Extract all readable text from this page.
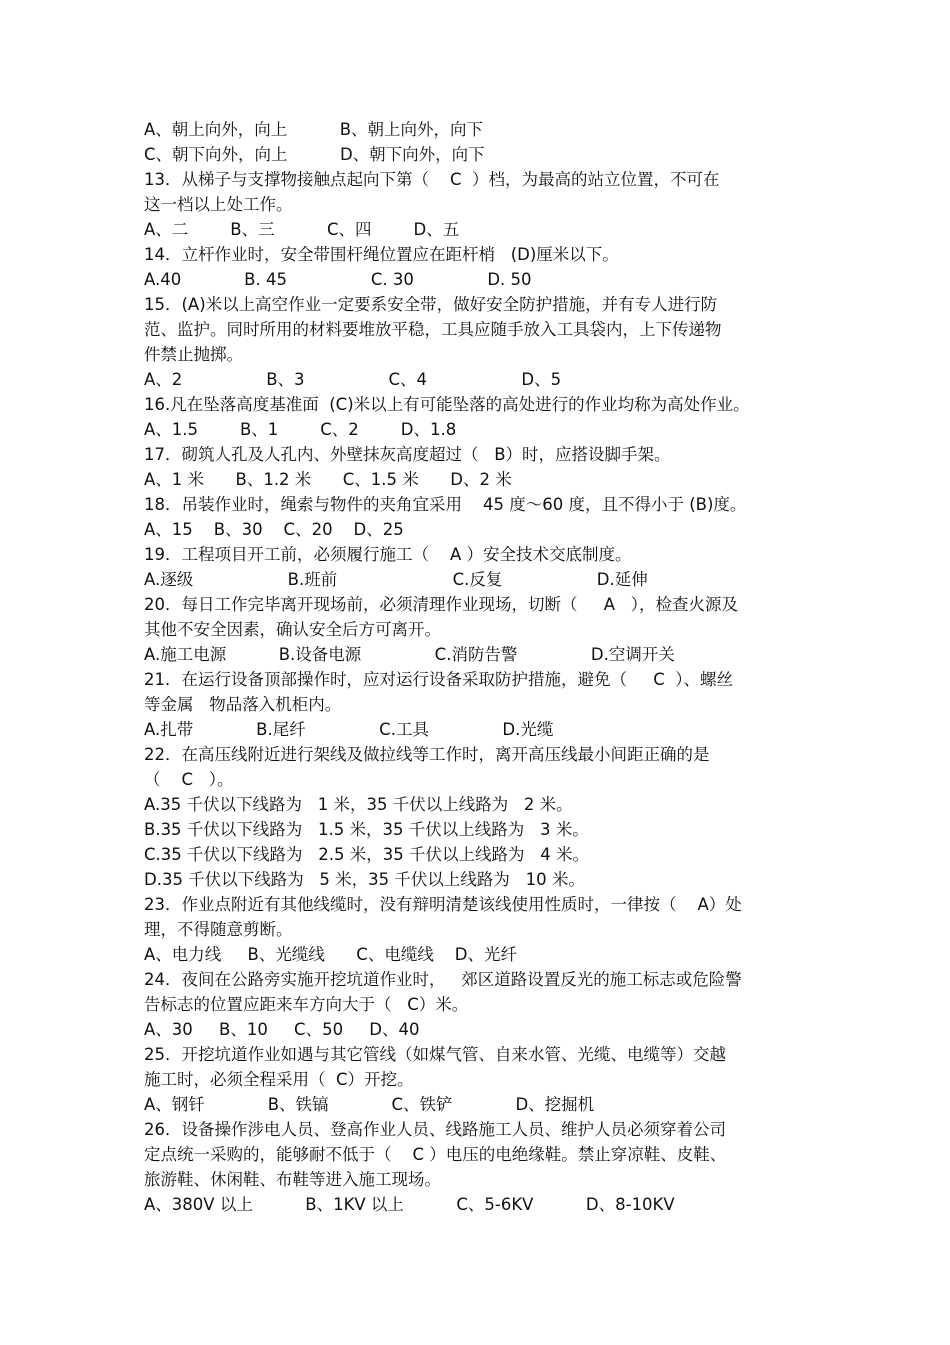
A、朝上向外，向上          B、朝上向外，向下

C、朝下向外，向上          D、朝下向外，向下

13．从梯子与支撑物接触点起向下第（    C  ）档，为最高的站立位置，不可在

这一档以上处工作。

A、二        B、三          C、四        D、五

14．立杆作业时，安全带围杆绳位置应在距杆梢   (D)厘米以下。

A.40            B. 45                C. 30              D. 50

15．(A)米以上高空作业一定要系安全带，做好安全防护措施，并有专人进行防

范、监护。同时所用的材料要堆放平稳，工具应随手放入工具袋内，上下传递物

件禁止抛掷。

A、2                B、3                C、4                  D、5

16.凡在坠落高度基准面  (C)米以上有可能坠落的高处进行的作业均称为高处作业。

A、1.5        B、1        C、2        D、1.8

17．砌筑人孔及人孔内、外壁抹灰高度超过（   B）时，应搭设脚手架。

A、1 米      B、1.2 米      C、1.5 米      D、2 米

18．吊装作业时，绳索与物件的夹角宜采用    45 度～60 度，且不得小于 (B)度。

A、15    B、30    C、20    D、25

19．工程项目开工前，必须履行施工（    A ）安全技术交底制度。

A.逐级                  B.班前                      C.反复                  D.延伸

20．每日工作完毕离开现场前，必须清理作业现场，切断（     A   ），检查火源及

其他不安全因素，确认安全后方可离开。

A.施工电源          B.设备电源              C.消防告警              D.空调开关

21．在运行设备顶部操作时，应对运行设备采取防护措施，避免（     C  ）、螺丝

等金属   物品落入机柜内。

A.扎带            B.尾纤              C.工具              D.光缆

22．在高压线附近进行架线及做拉线等工作时，离开高压线最小间距正确的是

（    C   ）。

A.35 千伏以下线路为   1 米，35 千伏以上线路为   2 米。

B.35 千伏以下线路为   1.5 米，35 千伏以上线路为   3 米。

C.35 千伏以下线路为   2.5 米，35 千伏以上线路为   4 米。

D.35 千伏以下线路为   5 米，35 千伏以上线路为   10 米。

23．作业点附近有其他线缆时，没有辩明清楚该线使用性质时，一律按（    A）处

理，不得随意剪断。

A、电力线     B、光缆线      C、电缆线    D、光纤

24．夜间在公路旁实施开挖坑道作业时，   郊区道路设置反光的施工标志或危险警

告标志的位置应距来车方向大于（   C）米。

A、30     B、10     C、50     D、40

25．开挖坑道作业如遇与其它管线（如煤气管、自来水管、光缆、电缆等）交越

施工时，必须全程采用（  C）开挖。

A、钢钎            B、铁镐            C、铁铲            D、挖掘机

26．设备操作涉电人员、登高作业人员、线路施工人员、维护人员必须穿着公司

定点统一采购的，能够耐不低于（    C ）电压的电绝缘鞋。禁止穿凉鞋、皮鞋、

旅游鞋、休闲鞋、布鞋等进入施工现场。

A、380V 以上          B、1KV 以上          C、5-6KV          D、8-10KV
